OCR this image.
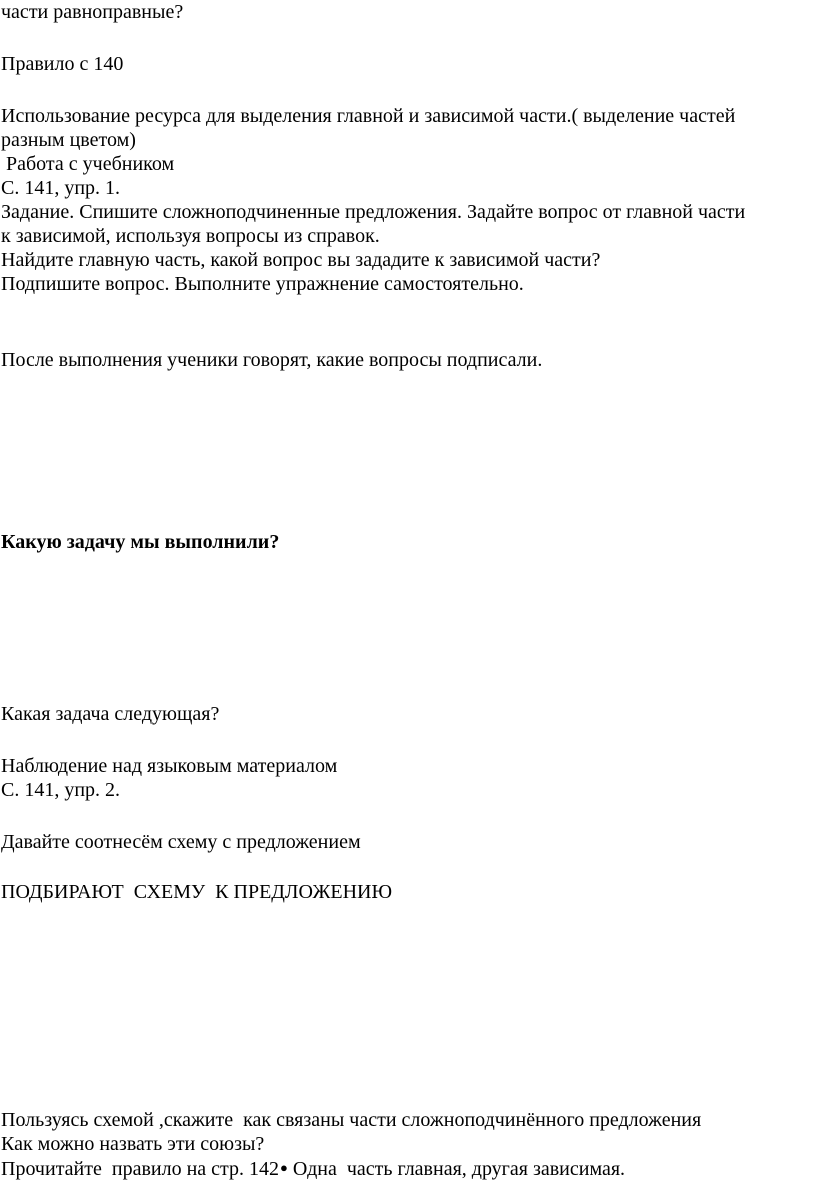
части равноправные?
Правило с 140
Использование ресурса для выделения главной и зависимой части.( выделение частей
разным цветом)
Работа с учебником
С. 141, упр. 1.
Задание. Спишите сложноподчиненные предложения. Задайте вопрос от главной части
к зависимой, используя вопросы из справок.
Найдите главную часть, какой вопрос вы зададите к зависимой части?
Подпишите вопрос. Выполните упражнение самостоятельно.
После выполнения ученики говорят, какие вопросы подписали.
Какую задачу мы выполнили?
Какая задача следующая?
Наблюдение над языковым материалом
С. 141, упр. 2.
Давайте соотнесём схему с предложением
ПОДБИРАЮТ  СХЕМУ  К ПРЕДЛОЖЕНИЮ
Пользуясь схемой ,скажите  как связаны части сложноподчинённого предложения
Как можно назвать эти союзы?
Прочитайте  правило на стр. 142● Одна  часть главная, другая зависимая.
